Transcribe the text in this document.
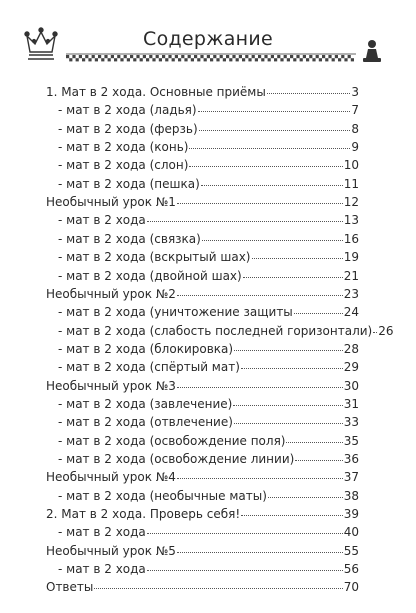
Содержание
1. Мат в 2 хода. Основные приёмы	3
- мат в 2 хода (ладья)	7
- мат в 2 хода (ферзь)	8
- мат в 2 хода (конь)	9
- мат в 2 хода (слон)	10
- мат в 2 хода (пешка)	11
Необычный урок №1	12
- мат в 2 хода	13
- мат в 2 хода (связка)	16
- мат в 2 хода (вскрытый шах)	19
- мат в 2 хода (двойной шах)	21
Необычный урок №2	23
- мат в 2 хода (уничтожение защиты	24
- мат в 2 хода (слабость последней горизонтали) 26
- мат в 2 хода (блокировка)	28
- мат в 2 хода (спёртый мат)	29
Необычный урок №3	30
- мат в 2 хода (завлечение)	31
- мат в 2 хода (отвлечение)	33
- мат в 2 хода (освобождение поля)	35
- мат в 2 хода (освобождение линии)	36
Необычный урок №4	37
- мат в 2 хода (необычные маты)	38
2. Мат в 2 хода. Проверь себя!	39
- мат в 2 хода	40
Необычный урок №5	55
- мат в 2 хода	56
Ответы	70
